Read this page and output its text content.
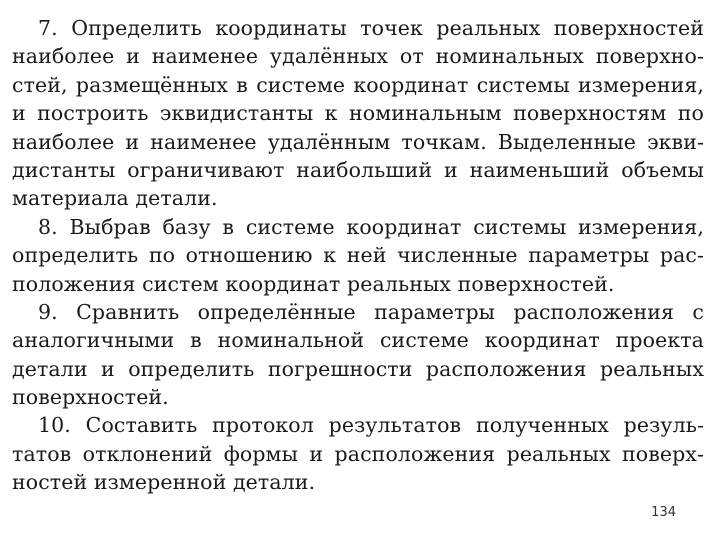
7. Определить координаты точек реальных поверхностей
наиболее и наименее удалённых от номинальных поверхно-
стей, размещённых в системе координат системы измерения,
и построить эквидистанты к номинальным поверхностям по
наиболее и наименее удалённым точкам. Выделенные экви-
дистанты ограничивают наибольший и наименьший объемы
материала детали.
8. Выбрав базу в системе координат системы измерения,
определить по отношению к ней численные параметры рас-
положения систем координат реальных поверхностей.
9. Сравнить определённые параметры расположения с
аналогичными в номинальной системе координат проекта
детали и определить погрешности расположения реальных
поверхностей.
10. Составить протокол результатов полученных резуль-
татов отклонений формы и расположения реальных поверх-
ностей измеренной детали.
134
